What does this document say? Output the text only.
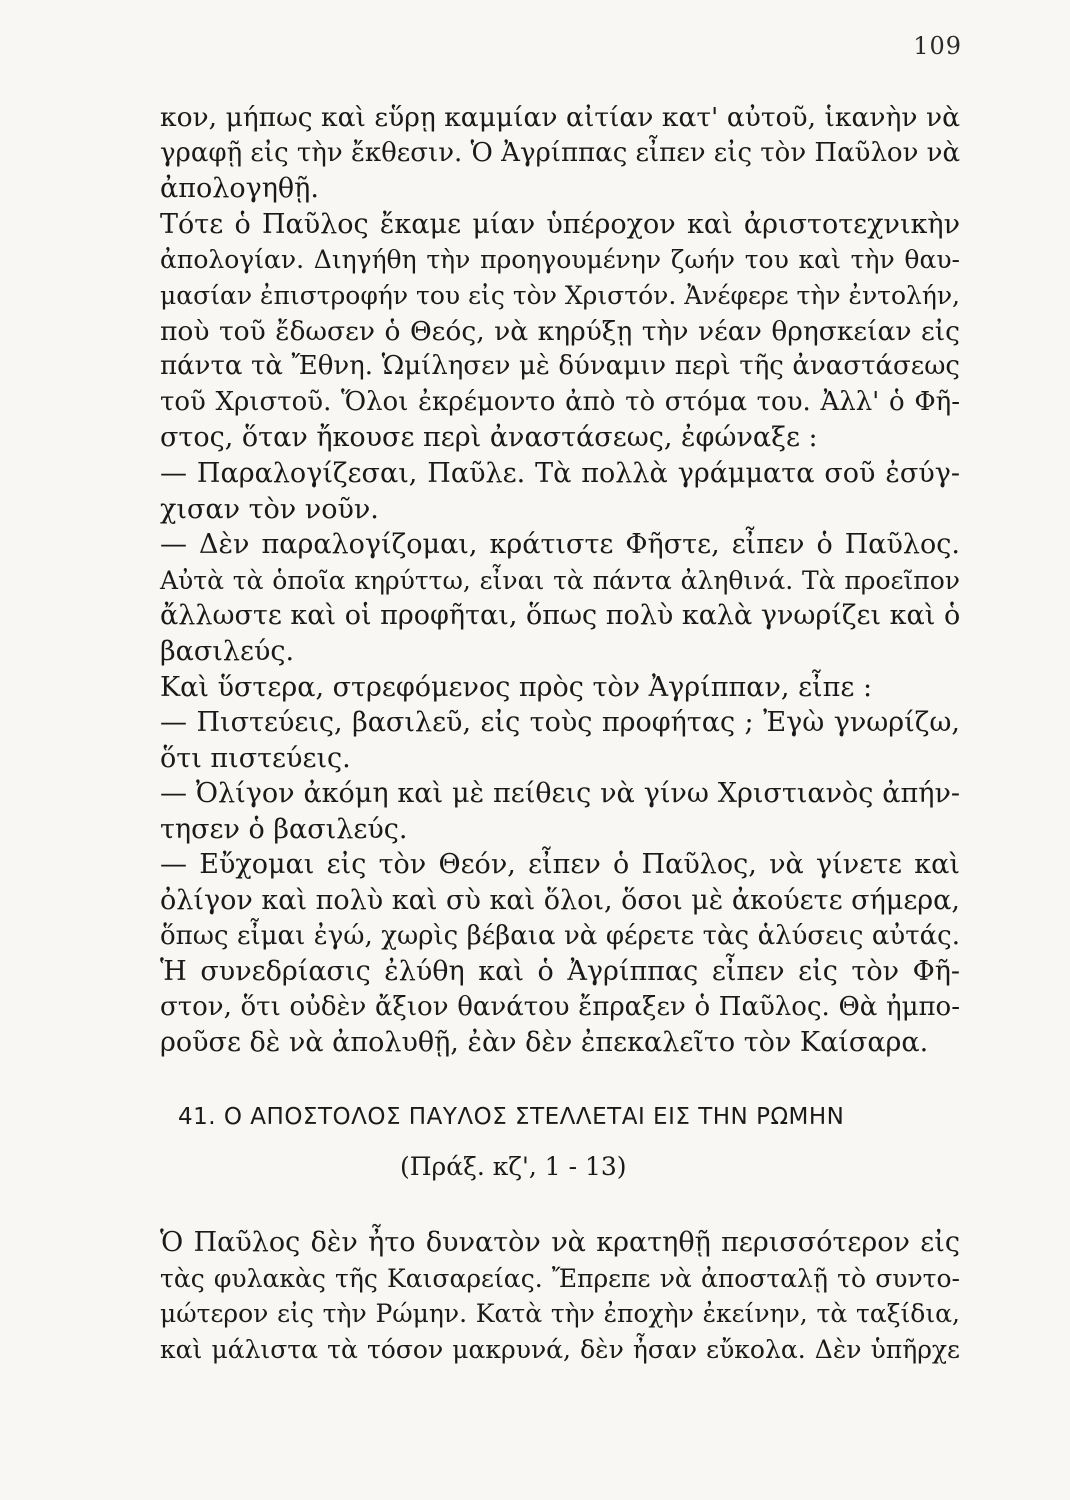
109
κον, μήπως καὶ εὕρῃ καμμίαν αἰτίαν κατ' αὐτοῦ, ἱκανὴν νὰ
γραφῇ εἰς τὴν ἔκθεσιν. Ὁ Ἀγρίππας εἶπεν εἰς τὸν Παῦλον νὰ
ἀπολογηθῇ.
Τότε ὁ Παῦλος ἔκαμε μίαν ὑπέροχον καὶ ἀριστοτεχνικὴν
ἀπολογίαν. Διηγήθη τὴν προηγουμένην ζωήν του καὶ τὴν θαυ-
μασίαν ἐπιστροφήν του εἰς τὸν Χριστόν. Ἀνέφερε τὴν ἐντολήν,
ποὺ τοῦ ἔδωσεν ὁ Θεός, νὰ κηρύξῃ τὴν νέαν θρησκείαν εἰς
πάντα τὰ Ἔθνη. Ὡμίλησεν μὲ δύναμιν περὶ τῆς ἀναστάσεως
τοῦ Χριστοῦ. Ὅλοι ἐκρέμοντο ἀπὸ τὸ στόμα του. Ἀλλ' ὁ Φῆ-
στος, ὅταν ἤκουσε περὶ ἀναστάσεως, ἐφώναξε :
— Παραλογίζεσαι, Παῦλε. Τὰ πολλὰ γράμματα σοῦ ἐσύγ-
χισαν τὸν νοῦν.
— Δὲν παραλογίζομαι, κράτιστε Φῆστε, εἶπεν ὁ Παῦλος.
Αὐτὰ τὰ ὁποῖα κηρύττω, εἶναι τὰ πάντα ἀληθινά. Τὰ προεῖπον
ἄλλωστε καὶ οἱ προφῆται, ὅπως πολὺ καλὰ γνωρίζει καὶ ὁ
βασιλεύς.
Καὶ ὕστερα, στρεφόμενος πρὸς τὸν Ἀγρίππαν, εἶπε :
— Πιστεύεις, βασιλεῦ, εἰς τοὺς προφήτας ; Ἐγὼ γνωρίζω,
ὅτι πιστεύεις.
— Ὀλίγον ἀκόμη καὶ μὲ πείθεις νὰ γίνω Χριστιανὸς ἀπήν-
τησεν ὁ βασιλεύς.
— Εὔχομαι εἰς τὸν Θεόν, εἶπεν ὁ Παῦλος, νὰ γίνετε καὶ
ὀλίγον καὶ πολὺ καὶ σὺ καὶ ὅλοι, ὅσοι μὲ ἀκούετε σήμερα,
ὅπως εἶμαι ἐγώ, χωρὶς βέβαια νὰ φέρετε τὰς ἁλύσεις αὐτάς.
Ἡ συνεδρίασις ἐλύθη καὶ ὁ Ἀγρίππας εἶπεν εἰς τὸν Φῆ-
στον, ὅτι οὐδὲν ἄξιον θανάτου ἔπραξεν ὁ Παῦλος. Θὰ ἠμπο-
ροῦσε δὲ νὰ ἀπολυθῇ, ἐὰν δὲν ἐπεκαλεῖτο τὸν Καίσαρα.
41. Ο ΑΠΟΣΤΟΛΟΣ ΠΑΥΛΟΣ ΣΤΕΛΛΕΤΑΙ ΕΙΣ ΤΗΝ ΡΩΜΗΝ
(Πράξ. κζ', 1 - 13)
Ὁ Παῦλος δὲν ἦτο δυνατὸν νὰ κρατηθῇ περισσότερον εἰς
τὰς φυλακὰς τῆς Καισαρείας. Ἔπρεπε νὰ ἀποσταλῇ τὸ συντο-
μώτερον εἰς τὴν Ρώμην. Κατὰ τὴν ἐποχὴν ἐκείνην, τὰ ταξίδια,
καὶ μάλιστα τὰ τόσον μακρυνά, δὲν ἦσαν εὔκολα. Δὲν ὑπῆρχε
